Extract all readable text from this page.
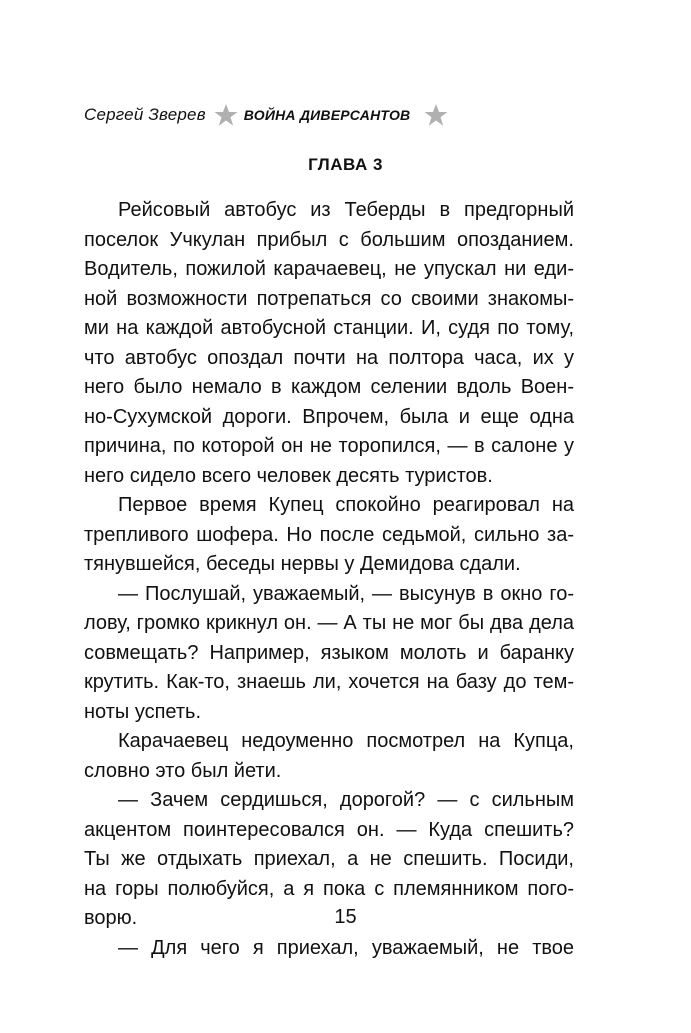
Сергей Зверев	ВОЙНА ДИВЕРСАНТОВ
ГЛАВА 3
Рейсовый автобус из Теберды в предгорный
поселок Учкулан прибыл с большим опозданием.
Водитель, пожилой карачаевец, не упускал ни еди-
ной возможности потрепаться со своими знакомы-
ми на каждой автобусной станции. И, судя по тому,
что автобус опоздал почти на полтора часа, их у
него было немало в каждом селении вдоль Воен-
но-Сухумской дороги. Впрочем, была и еще одна
причина, по которой он не торопился, — в салоне у
него сидело всего человек десять туристов.
Первое время Купец спокойно реагировал на
трепливого шофера. Но после седьмой, сильно за-
тянувшейся, беседы нервы у Демидова сдали.
— Послушай, уважаемый, — высунув в окно го-
лову, громко крикнул он. — А ты не мог бы два дела
совмещать? Например, языком молоть и баранку
крутить. Как-то, знаешь ли, хочется на базу до тем-
ноты успеть.
Карачаевец недоуменно посмотрел на Купца,
словно это был йети.
— Зачем сердишься, дорогой? — с сильным
акцентом поинтересовался он. — Куда спешить?
Ты же отдыхать приехал, а не спешить. Посиди,
на горы полюбуйся, а я пока с племянником пого-
ворю.
— Для чего я приехал, уважаемый, не твое
15
